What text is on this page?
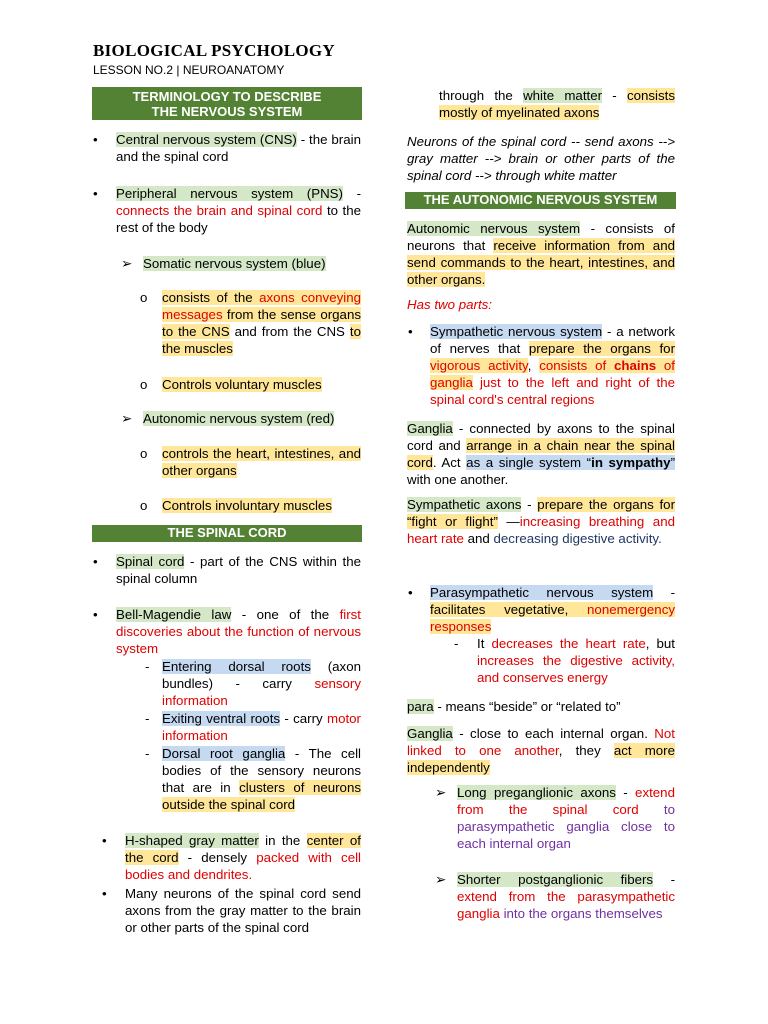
BIOLOGICAL PSYCHOLOGY
LESSON NO.2 | NEUROANATOMY
TERMINOLOGY TO DESCRIBE
THE NERVOUS SYSTEM
• Central nervous system (CNS) - the brain and the spinal cord
• Peripheral nervous system (PNS) - connects the brain and spinal cord to the rest of the body
➢ Somatic nervous system (blue)
o consists of the axons conveying messages from the sense organs to the CNS and from the CNS to the muscles
o Controls voluntary muscles
➢ Autonomic nervous system (red)
o controls the heart, intestines, and other organs
o Controls involuntary muscles
THE SPINAL CORD
• Spinal cord - part of the CNS within the spinal column
• Bell-Magendie law - one of the first discoveries about the function of nervous system
- Entering dorsal roots (axon bundles) - carry sensory information
- Exiting ventral roots - carry motor information
- Dorsal root ganglia - The cell bodies of the sensory neurons that are in clusters of neurons outside the spinal cord
• H-shaped gray matter in the center of the cord - densely packed with cell bodies and dendrites.
• Many neurons of the spinal cord send axons from the gray matter to the brain or other parts of the spinal cord
through the white matter - consists mostly of myelinated axons
Neurons of the spinal cord -- send axons --> gray matter --> brain or other parts of the spinal cord --> through white matter
THE AUTONOMIC NERVOUS SYSTEM
Autonomic nervous system - consists of neurons that receive information from and send commands to the heart, intestines, and other organs.
Has two parts:
• Sympathetic nervous system - a network of nerves that prepare the organs for vigorous activity, consists of chains of ganglia just to the left and right of the spinal cord's central regions
Ganglia - connected by axons to the spinal cord and arrange in a chain near the spinal cord. Act as a single system “in sympathy” with one another.
Sympathetic axons - prepare the organs for “fight or flight” —increasing breathing and heart rate and decreasing digestive activity.
• Parasympathetic nervous system - facilitates vegetative, nonemergency responses
- It decreases the heart rate, but increases the digestive activity, and conserves energy
para - means “beside” or “related to”
Ganglia - close to each internal organ. Not linked to one another, they act more independently
➢ Long preganglionic axons - extend from the spinal cord to parasympathetic ganglia close to each internal organ
➢ Shorter postganglionic fibers - extend from the parasympathetic ganglia into the organs themselves
